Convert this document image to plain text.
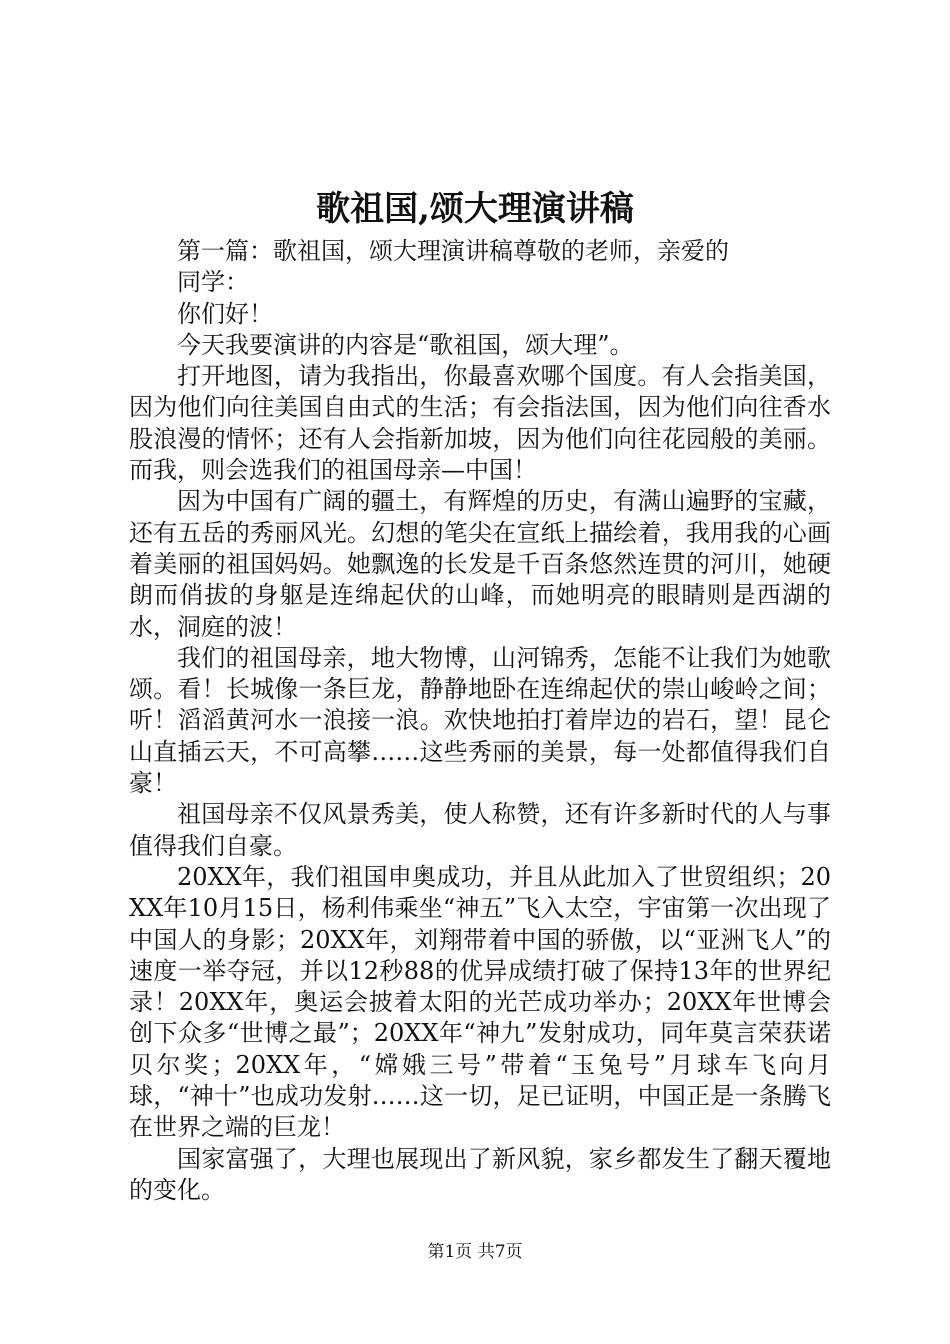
歌祖国,颂大理演讲稿

第一篇：歌祖国，颂大理演讲稿尊敬的老师，亲爱的

同学：

你们好！

今天我要演讲的内容是“歌祖国，颂大理”。

打开地图，请为我指出，你最喜欢哪个国度。有人会指美国，因为他们向往美国自由式的生活；有会指法国，因为他们向往香水股浪漫的情怀；还有人会指新加坡，因为他们向往花园般的美丽。而我，则会选我们的祖国母亲—中国！

因为中国有广阔的疆土，有辉煌的历史，有满山遍野的宝藏，还有五岳的秀丽风光。幻想的笔尖在宣纸上描绘着，我用我的心画着美丽的祖国妈妈。她飘逸的长发是千百条悠然连贯的河川，她硬朗而俏拔的身躯是连绵起伏的山峰，而她明亮的眼睛则是西湖的水，洞庭的波！

我们的祖国母亲，地大物博，山河锦秀，怎能不让我们为她歌颂。看！长城像一条巨龙，静静地卧在连绵起伏的崇山峻岭之间；听！滔滔黄河水一浪接一浪。欢快地拍打着岸边的岩石，望！昆仑山直插云天，不可高攀……这些秀丽的美景，每一处都值得我们自豪！

祖国母亲不仅风景秀美，使人称赞，还有许多新时代的人与事值得我们自豪。

20XX年，我们祖国申奥成功，并且从此加入了世贸组织；20XX年10月15日，杨利伟乘坐“神五”飞入太空，宇宙第一次出现了中国人的身影；20XX年，刘翔带着中国的骄傲，以“亚洲飞人”的速度一举夺冠，并以12秒88的优异成绩打破了保持13年的世界纪录！20XX年，奥运会披着太阳的光芒成功举办；20XX年世博会创下众多“世博之最”；20XX年“神九”发射成功，同年莫言荣获诺贝尔奖；20XX年，“嫦娥三号”带着“玉兔号”月球车飞向月球，“神十”也成功发射……这一切，足已证明，中国正是一条腾飞在世界之端的巨龙！

国家富强了，大理也展现出了新风貌，家乡都发生了翻天覆地的变化。

第1页 共7页
